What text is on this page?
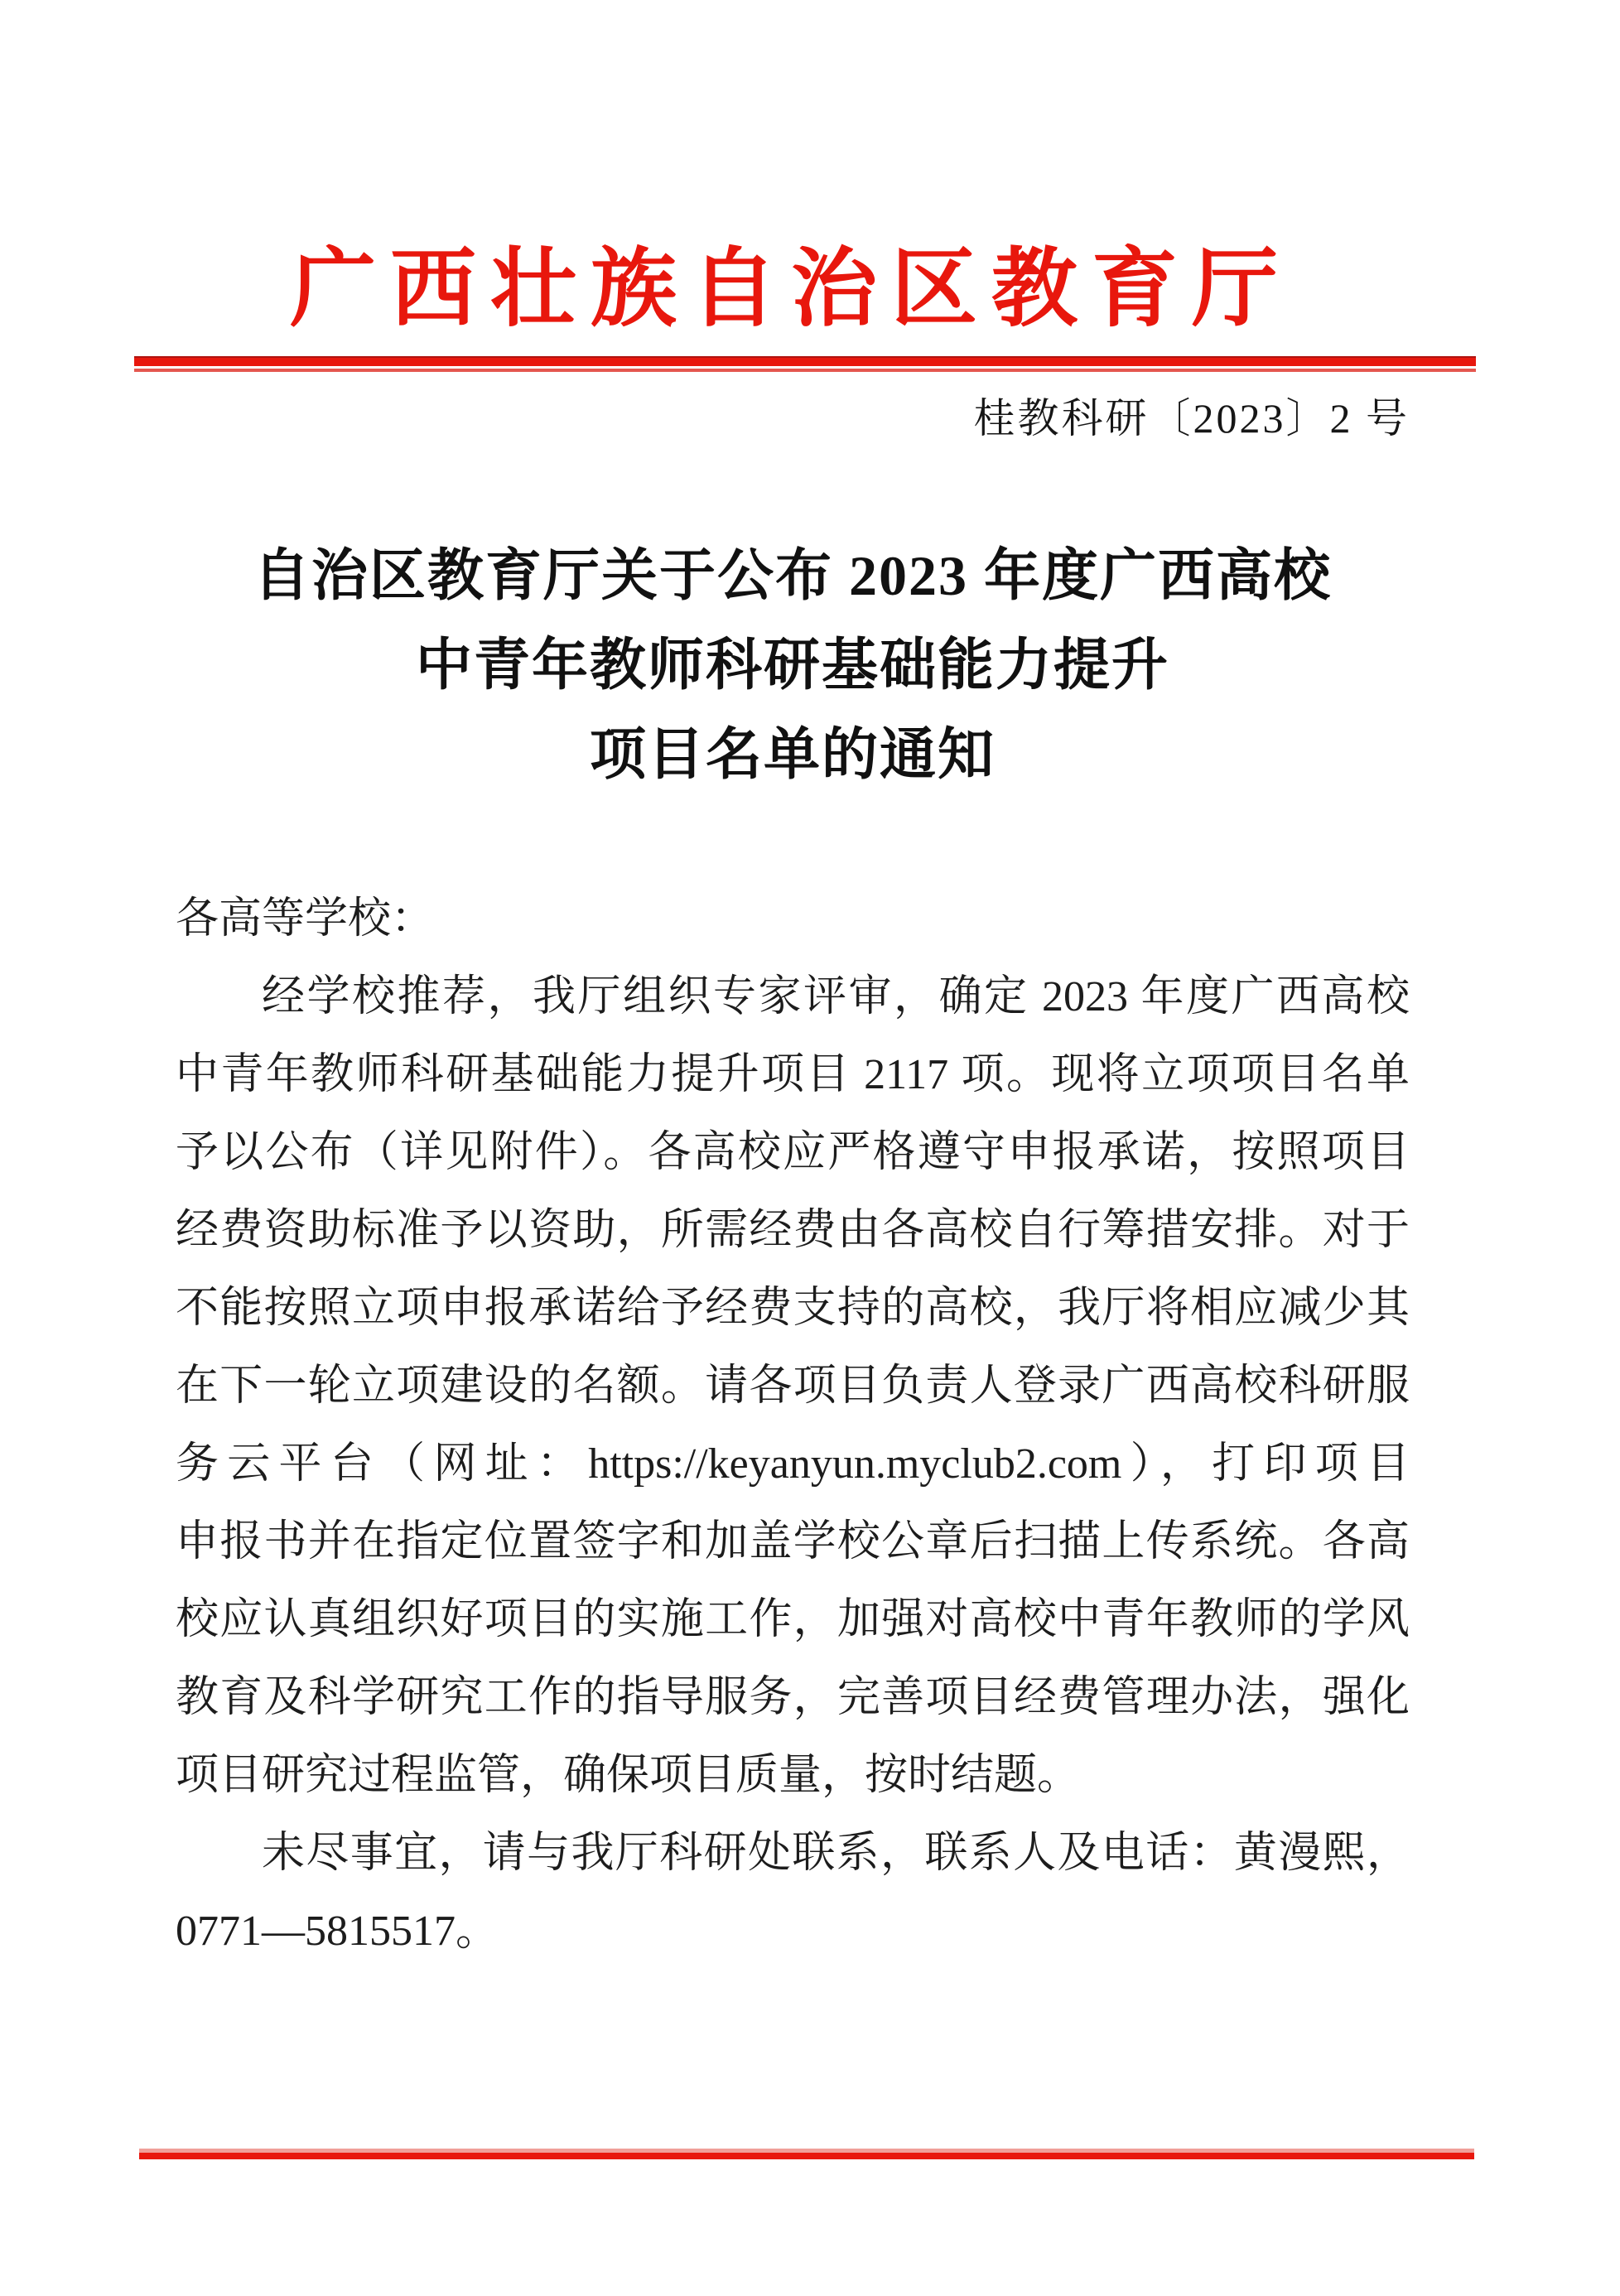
广西壮族自治区教育厅
桂教科研〔2023〕2 号
自治区教育厅关于公布 2023 年度广西高校
中青年教师科研基础能力提升
项目名单的通知
各高等学校：
经学校推荐，我厅组织专家评审，确定 2023 年度广西高校
中青年教师科研基础能力提升项目 2117 项。现将立项项目名单
予以公布（详见附件）。各高校应严格遵守申报承诺，按照项目
经费资助标准予以资助，所需经费由各高校自行筹措安排。对于
不能按照立项申报承诺给予经费支持的高校，我厅将相应减少其
在下一轮立项建设的名额。请各项目负责人登录广西高校科研服
务云平台（网址：https://keyanyun.myclub2.com），打印项目
申报书并在指定位置签字和加盖学校公章后扫描上传系统。各高
校应认真组织好项目的实施工作，加强对高校中青年教师的学风
教育及科学研究工作的指导服务，完善项目经费管理办法，强化
项目研究过程监管，确保项目质量，按时结题。
未尽事宜，请与我厅科研处联系，联系人及电话：黄漫熙，
0771—5815517。
